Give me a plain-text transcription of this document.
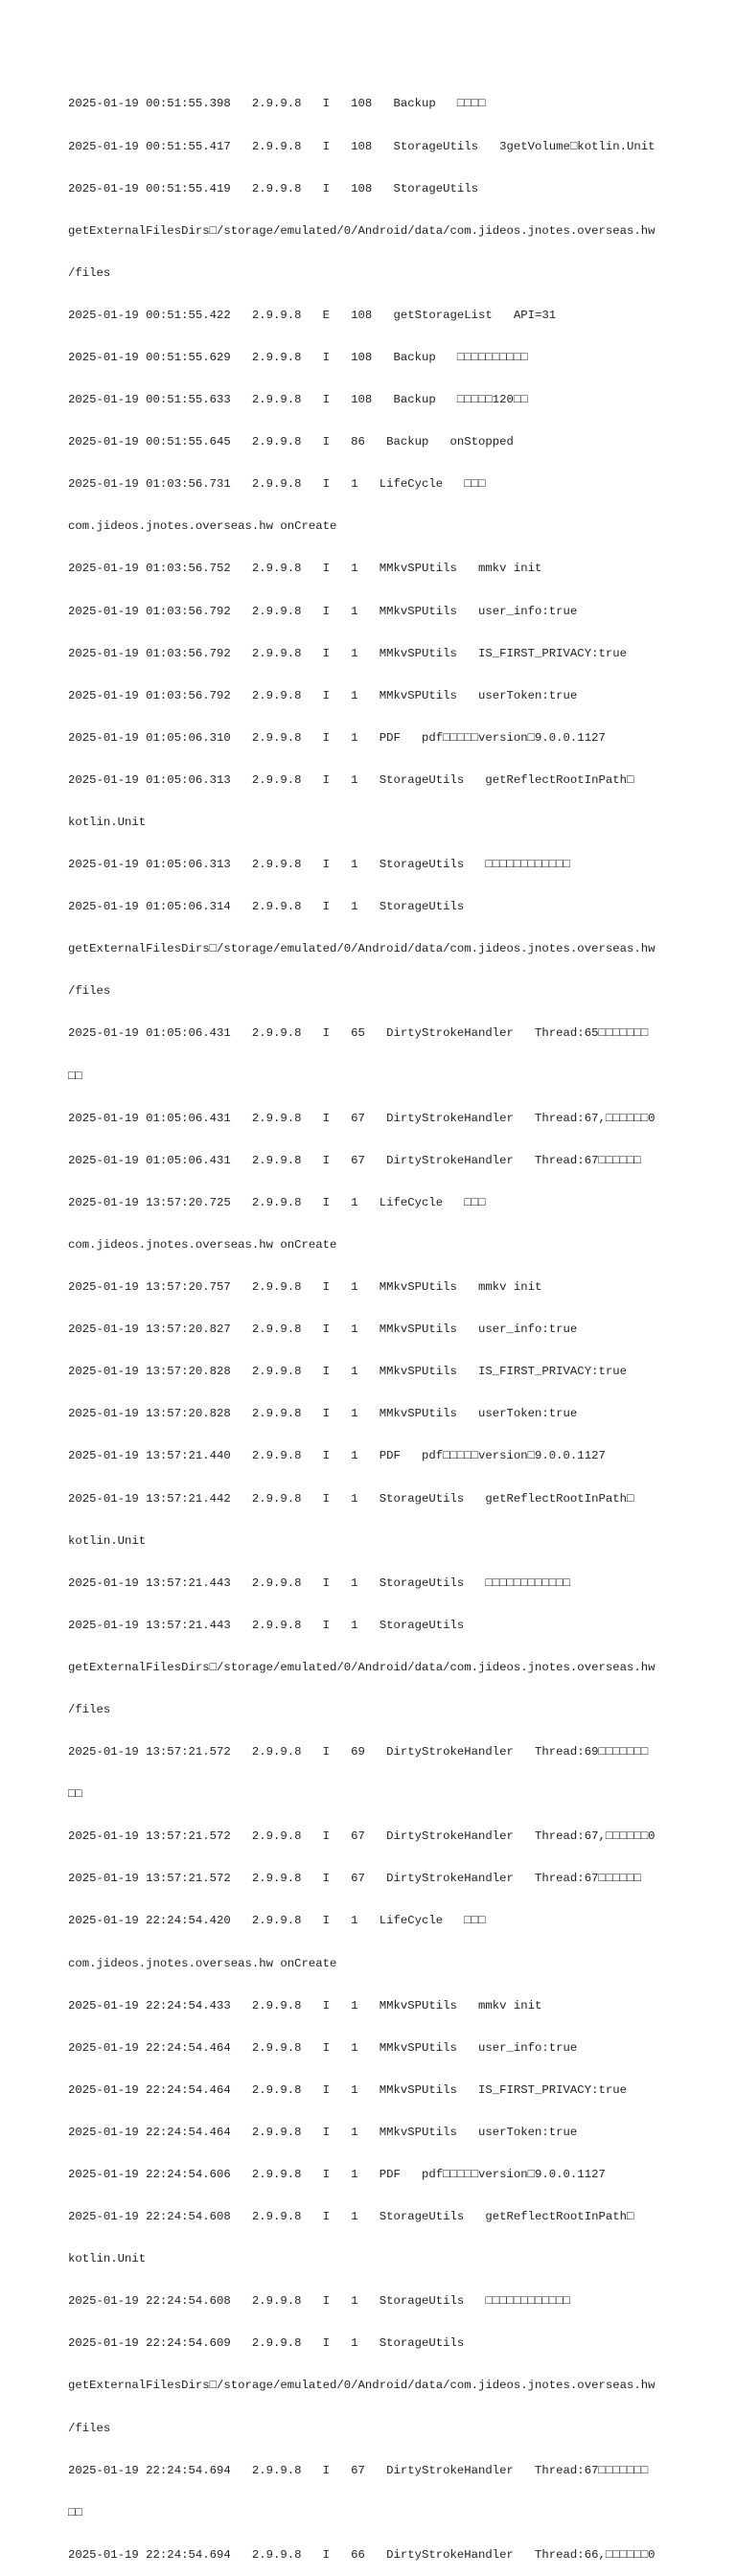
2025-01-19 00:51:55.398   2.9.9.8   I   108   Backup   □□□□

2025-01-19 00:51:55.417   2.9.9.8   I   108   StorageUtils   3getVolume□kotlin.Unit

2025-01-19 00:51:55.419   2.9.9.8   I   108   StorageUtils

getExternalFilesDirs□/storage/emulated/0/Android/data/com.jideos.jnotes.overseas.hw

/files

2025-01-19 00:51:55.422   2.9.9.8   E   108   getStorageList   API=31

2025-01-19 00:51:55.629   2.9.9.8   I   108   Backup   □□□□□□□□□□

2025-01-19 00:51:55.633   2.9.9.8   I   108   Backup   □□□□□120□□

2025-01-19 00:51:55.645   2.9.9.8   I   86   Backup   onStopped

2025-01-19 01:03:56.731   2.9.9.8   I   1   LifeCycle   □□□

com.jideos.jnotes.overseas.hw onCreate

2025-01-19 01:03:56.752   2.9.9.8   I   1   MMkvSPUtils   mmkv init

2025-01-19 01:03:56.792   2.9.9.8   I   1   MMkvSPUtils   user_info:true

2025-01-19 01:03:56.792   2.9.9.8   I   1   MMkvSPUtils   IS_FIRST_PRIVACY:true

2025-01-19 01:03:56.792   2.9.9.8   I   1   MMkvSPUtils   userToken:true

2025-01-19 01:05:06.310   2.9.9.8   I   1   PDF   pdf□□□□□version□9.0.0.1127

2025-01-19 01:05:06.313   2.9.9.8   I   1   StorageUtils   getReflectRootInPath□

kotlin.Unit

2025-01-19 01:05:06.313   2.9.9.8   I   1   StorageUtils   □□□□□□□□□□□□

2025-01-19 01:05:06.314   2.9.9.8   I   1   StorageUtils

getExternalFilesDirs□/storage/emulated/0/Android/data/com.jideos.jnotes.overseas.hw

/files

2025-01-19 01:05:06.431   2.9.9.8   I   65   DirtyStrokeHandler   Thread:65□□□□□□□

□□

2025-01-19 01:05:06.431   2.9.9.8   I   67   DirtyStrokeHandler   Thread:67,□□□□□□0

2025-01-19 01:05:06.431   2.9.9.8   I   67   DirtyStrokeHandler   Thread:67□□□□□□

2025-01-19 13:57:20.725   2.9.9.8   I   1   LifeCycle   □□□

com.jideos.jnotes.overseas.hw onCreate

2025-01-19 13:57:20.757   2.9.9.8   I   1   MMkvSPUtils   mmkv init

2025-01-19 13:57:20.827   2.9.9.8   I   1   MMkvSPUtils   user_info:true

2025-01-19 13:57:20.828   2.9.9.8   I   1   MMkvSPUtils   IS_FIRST_PRIVACY:true

2025-01-19 13:57:20.828   2.9.9.8   I   1   MMkvSPUtils   userToken:true

2025-01-19 13:57:21.440   2.9.9.8   I   1   PDF   pdf□□□□□version□9.0.0.1127

2025-01-19 13:57:21.442   2.9.9.8   I   1   StorageUtils   getReflectRootInPath□

kotlin.Unit

2025-01-19 13:57:21.443   2.9.9.8   I   1   StorageUtils   □□□□□□□□□□□□

2025-01-19 13:57:21.443   2.9.9.8   I   1   StorageUtils

getExternalFilesDirs□/storage/emulated/0/Android/data/com.jideos.jnotes.overseas.hw

/files

2025-01-19 13:57:21.572   2.9.9.8   I   69   DirtyStrokeHandler   Thread:69□□□□□□□

□□

2025-01-19 13:57:21.572   2.9.9.8   I   67   DirtyStrokeHandler   Thread:67,□□□□□□0

2025-01-19 13:57:21.572   2.9.9.8   I   67   DirtyStrokeHandler   Thread:67□□□□□□

2025-01-19 22:24:54.420   2.9.9.8   I   1   LifeCycle   □□□

com.jideos.jnotes.overseas.hw onCreate

2025-01-19 22:24:54.433   2.9.9.8   I   1   MMkvSPUtils   mmkv init

2025-01-19 22:24:54.464   2.9.9.8   I   1   MMkvSPUtils   user_info:true

2025-01-19 22:24:54.464   2.9.9.8   I   1   MMkvSPUtils   IS_FIRST_PRIVACY:true

2025-01-19 22:24:54.464   2.9.9.8   I   1   MMkvSPUtils   userToken:true

2025-01-19 22:24:54.606   2.9.9.8   I   1   PDF   pdf□□□□□version□9.0.0.1127

2025-01-19 22:24:54.608   2.9.9.8   I   1   StorageUtils   getReflectRootInPath□

kotlin.Unit

2025-01-19 22:24:54.608   2.9.9.8   I   1   StorageUtils   □□□□□□□□□□□□

2025-01-19 22:24:54.609   2.9.9.8   I   1   StorageUtils

getExternalFilesDirs□/storage/emulated/0/Android/data/com.jideos.jnotes.overseas.hw

/files

2025-01-19 22:24:54.694   2.9.9.8   I   67   DirtyStrokeHandler   Thread:67□□□□□□□

□□

2025-01-19 22:24:54.694   2.9.9.8   I   66   DirtyStrokeHandler   Thread:66,□□□□□□0
